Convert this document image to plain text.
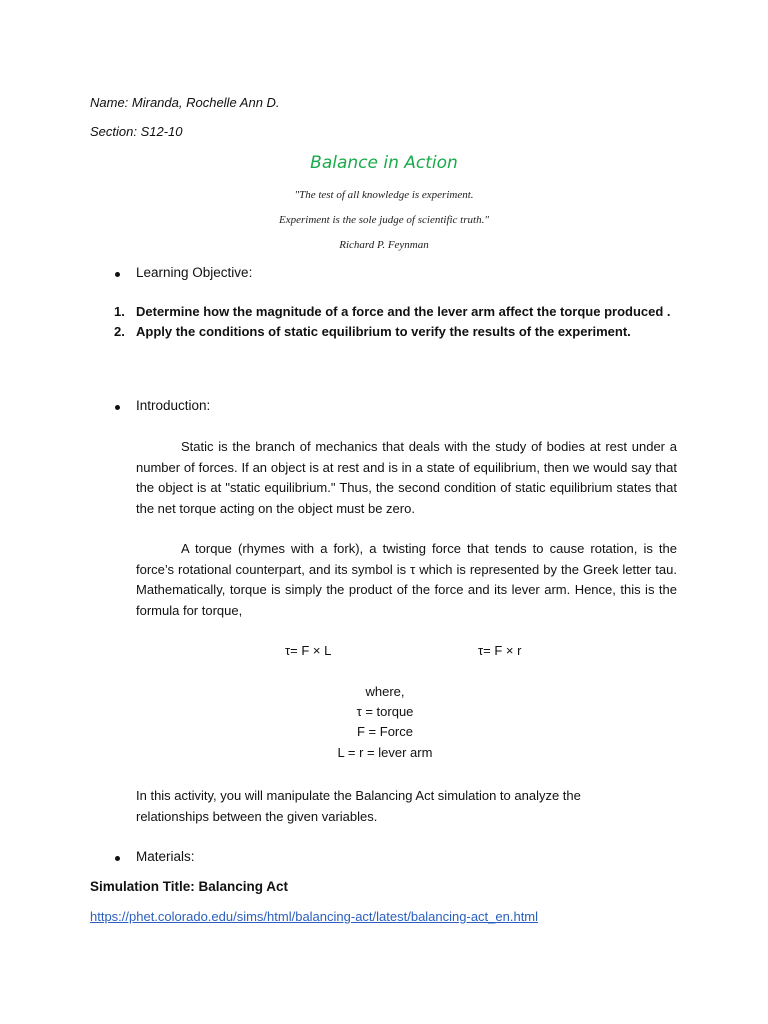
Name: Miranda, Rochelle Ann D.
Section: S12-10
Balance in Action
"The test of all knowledge is experiment.
Experiment is the sole judge of scientific truth."
Richard P. Feynman
Learning Objective:
1. Determine how the magnitude of a force and the lever arm affect the torque produced .
2. Apply the conditions of static equilibrium to verify the results of the experiment.
Introduction:
Static is the branch of mechanics that deals with the study of bodies at rest under a number of forces. If an object is at rest and is in a state of equilibrium, then we would say that the object is at "static equilibrium." Thus, the second condition of static equilibrium states that the net torque acting on the object must be zero.
A torque (rhymes with a fork), a twisting force that tends to cause rotation, is the force’s rotational counterpart, and its symbol is τ which is represented by the Greek letter tau. Mathematically, torque is simply the product of the force and its lever arm. Hence, this is the formula for torque,
τ= F × L	τ= F × r
where,
τ = torque
F = Force
L = r = lever arm
In this activity, you will manipulate the Balancing Act simulation to analyze the relationships between the given variables.
Materials:
Simulation Title: Balancing Act
https://phet.colorado.edu/sims/html/balancing-act/latest/balancing-act_en.html
